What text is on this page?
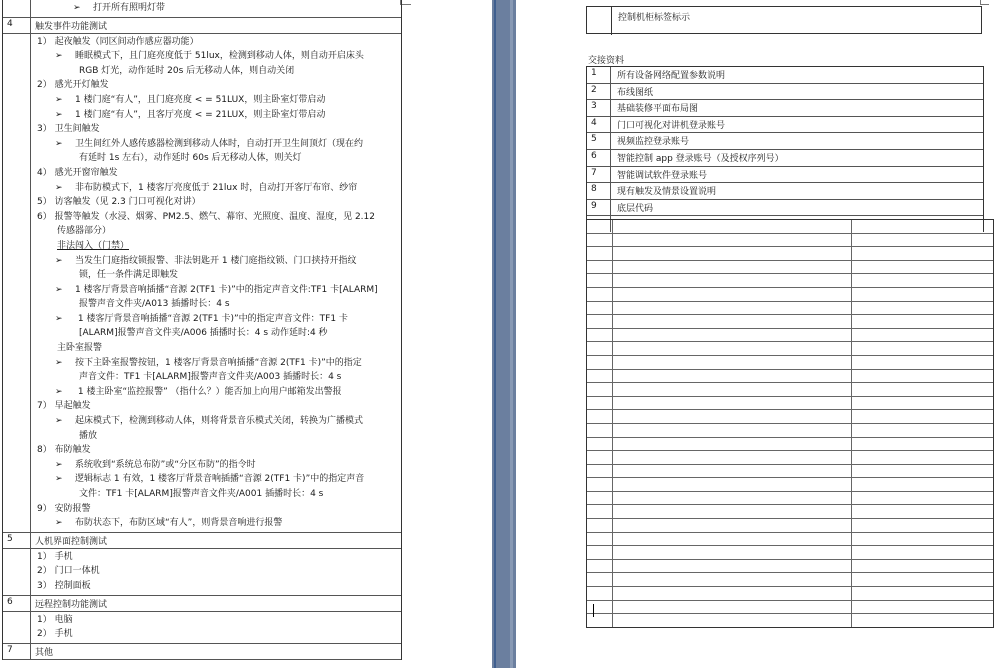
➢ 打开所有照明灯带
4	触发事件功能测试
1） 起夜触发（同区间动作感应器功能）
➢ 睡眠模式下，且门庭亮度低于 51lux，检测到移动人体，则自动开启床头
RGB 灯光，动作延时 20s 后无移动人体，则自动关闭
2） 感光开灯触发
➢ 1 楼门庭“有人”，且门庭亮度 < = 51LUX，则主卧室灯带启动
➢ 1 楼门庭“有人”，且客厅亮度 < = 21LUX，则主卧室灯带启动
3） 卫生间触发
➢ 卫生间红外人感传感器检测到移动人体时，自动打开卫生间顶灯（现在约
有延时 1s 左右），动作延时 60s 后无移动人体，则关灯
4） 感光开窗帘触发
➢ 非布防模式下，1 楼客厅亮度低于 21lux 时，自动打开客厅布帘、纱帘
5） 访客触发（见 2.3 门口可视化对讲）
6） 报警等触发（水浸、烟雾、PM2.5、燃气、幕帘、光照度、温度、湿度，见 2.12
传感器部分）
非法闯入（门禁）
➢ 当发生门庭指纹锁报警、非法钥匙开 1 楼门庭指纹锁、门口挟持开指纹
锁，任一条件满足即触发
➢ 1 楼客厅背景音响插播“音源 2(TF1 卡)”中的指定声音文件:TF1 卡[ALARM]
报警声音文件夹/A013 插播时长：4 s
➢ 1 楼客厅背景音响插播“音源 2(TF1 卡)”中的指定声音文件：TF1 卡
[ALARM]报警声音文件夹/A006 插播时长：4 s 动作延时:4 秒
主卧室报警
➢ 按下主卧室报警按钮，1 楼客厅背景音响插播“音源 2(TF1 卡)”中的指定
声音文件：TF1 卡[ALARM]报警声音文件夹/A003 插播时长：4 s
➢ 1 楼主卧室“监控报警” （指什么？）能否加上向用户邮箱发出警报
7） 早起触发
➢ 起床模式下，检测到移动人体，则将背景音乐模式关闭，转换为广播模式
播放
8） 布防触发
➢ 系统收到“系统总布防”或“分区布防”的指令时
➢ 逻辑标志 1 有效，1 楼客厅背景音响插播“音源 2(TF1 卡)”中的指定声音
文件：TF1 卡[ALARM]报警声音文件夹/A001 插播时长：4 s
9） 安防报警
➢ 布防状态下，布防区域“有人”，则背景音响进行报警
5	人机界面控制测试
1） 手机
2） 门口一体机
3） 控制面板
6	远程控制功能测试
1） 电脑
2） 手机
7	其他
控制机柜标签标示
交接资料
1	所有设备网络配置参数说明
2	布线图纸
3	基础装修平面布局图
4	门口可视化对讲机登录账号
5	视频监控登录账号
6	智能控制 app 登录账号（及授权序列号）
7	智能调试软件登录账号
8	现有触发及情景设置说明
9	底层代码
